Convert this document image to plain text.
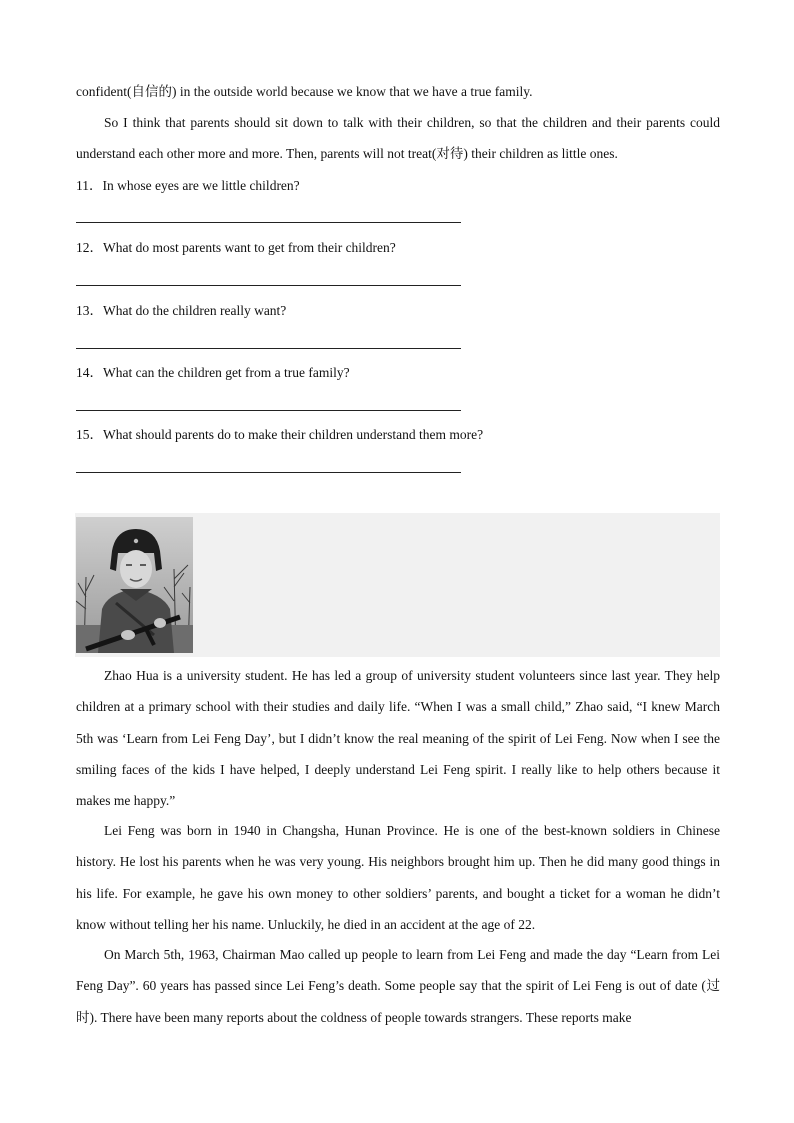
confident(自信的) in the outside world because we know that we have a true family.

So I think that parents should sit down to talk with their children, so that the children and their parents could understand each other more and more. Then, parents will not treat(对待) their children as little ones.

11．In whose eyes are we little children?

12．What do most parents want to get from their children?

13．What do the children really want?

14．What can the children get from a true family?

15．What should parents do to make their children understand them more?

Zhao Hua is a university student. He has led a group of university student volunteers since last year. They help children at a primary school with their studies and daily life. “When I was a small child,” Zhao said, “I knew March 5th was ‘Learn from Lei Feng Day’, but I didn’t know the real meaning of the spirit of Lei Feng. Now when I see the smiling faces of the kids I have helped, I deeply understand Lei Feng spirit. I really like to help others because it makes me happy.”

Lei Feng was born in 1940 in Changsha, Hunan Province. He is one of the best-known soldiers in Chinese history. He lost his parents when he was very young. His neighbors brought him up. Then he did many good things in his life. For example, he gave his own money to other soldiers’ parents, and bought a ticket for a woman he didn’t know without telling her his name. Unluckily, he died in an accident at the age of 22.

On March 5th, 1963, Chairman Mao called up people to learn from Lei Feng and made the day “Learn from Lei Feng Day”. 60 years has passed since Lei Feng’s death. Some people say that the spirit of Lei Feng is out of date (过时). There have been many reports about the coldness of people towards strangers. These reports make
